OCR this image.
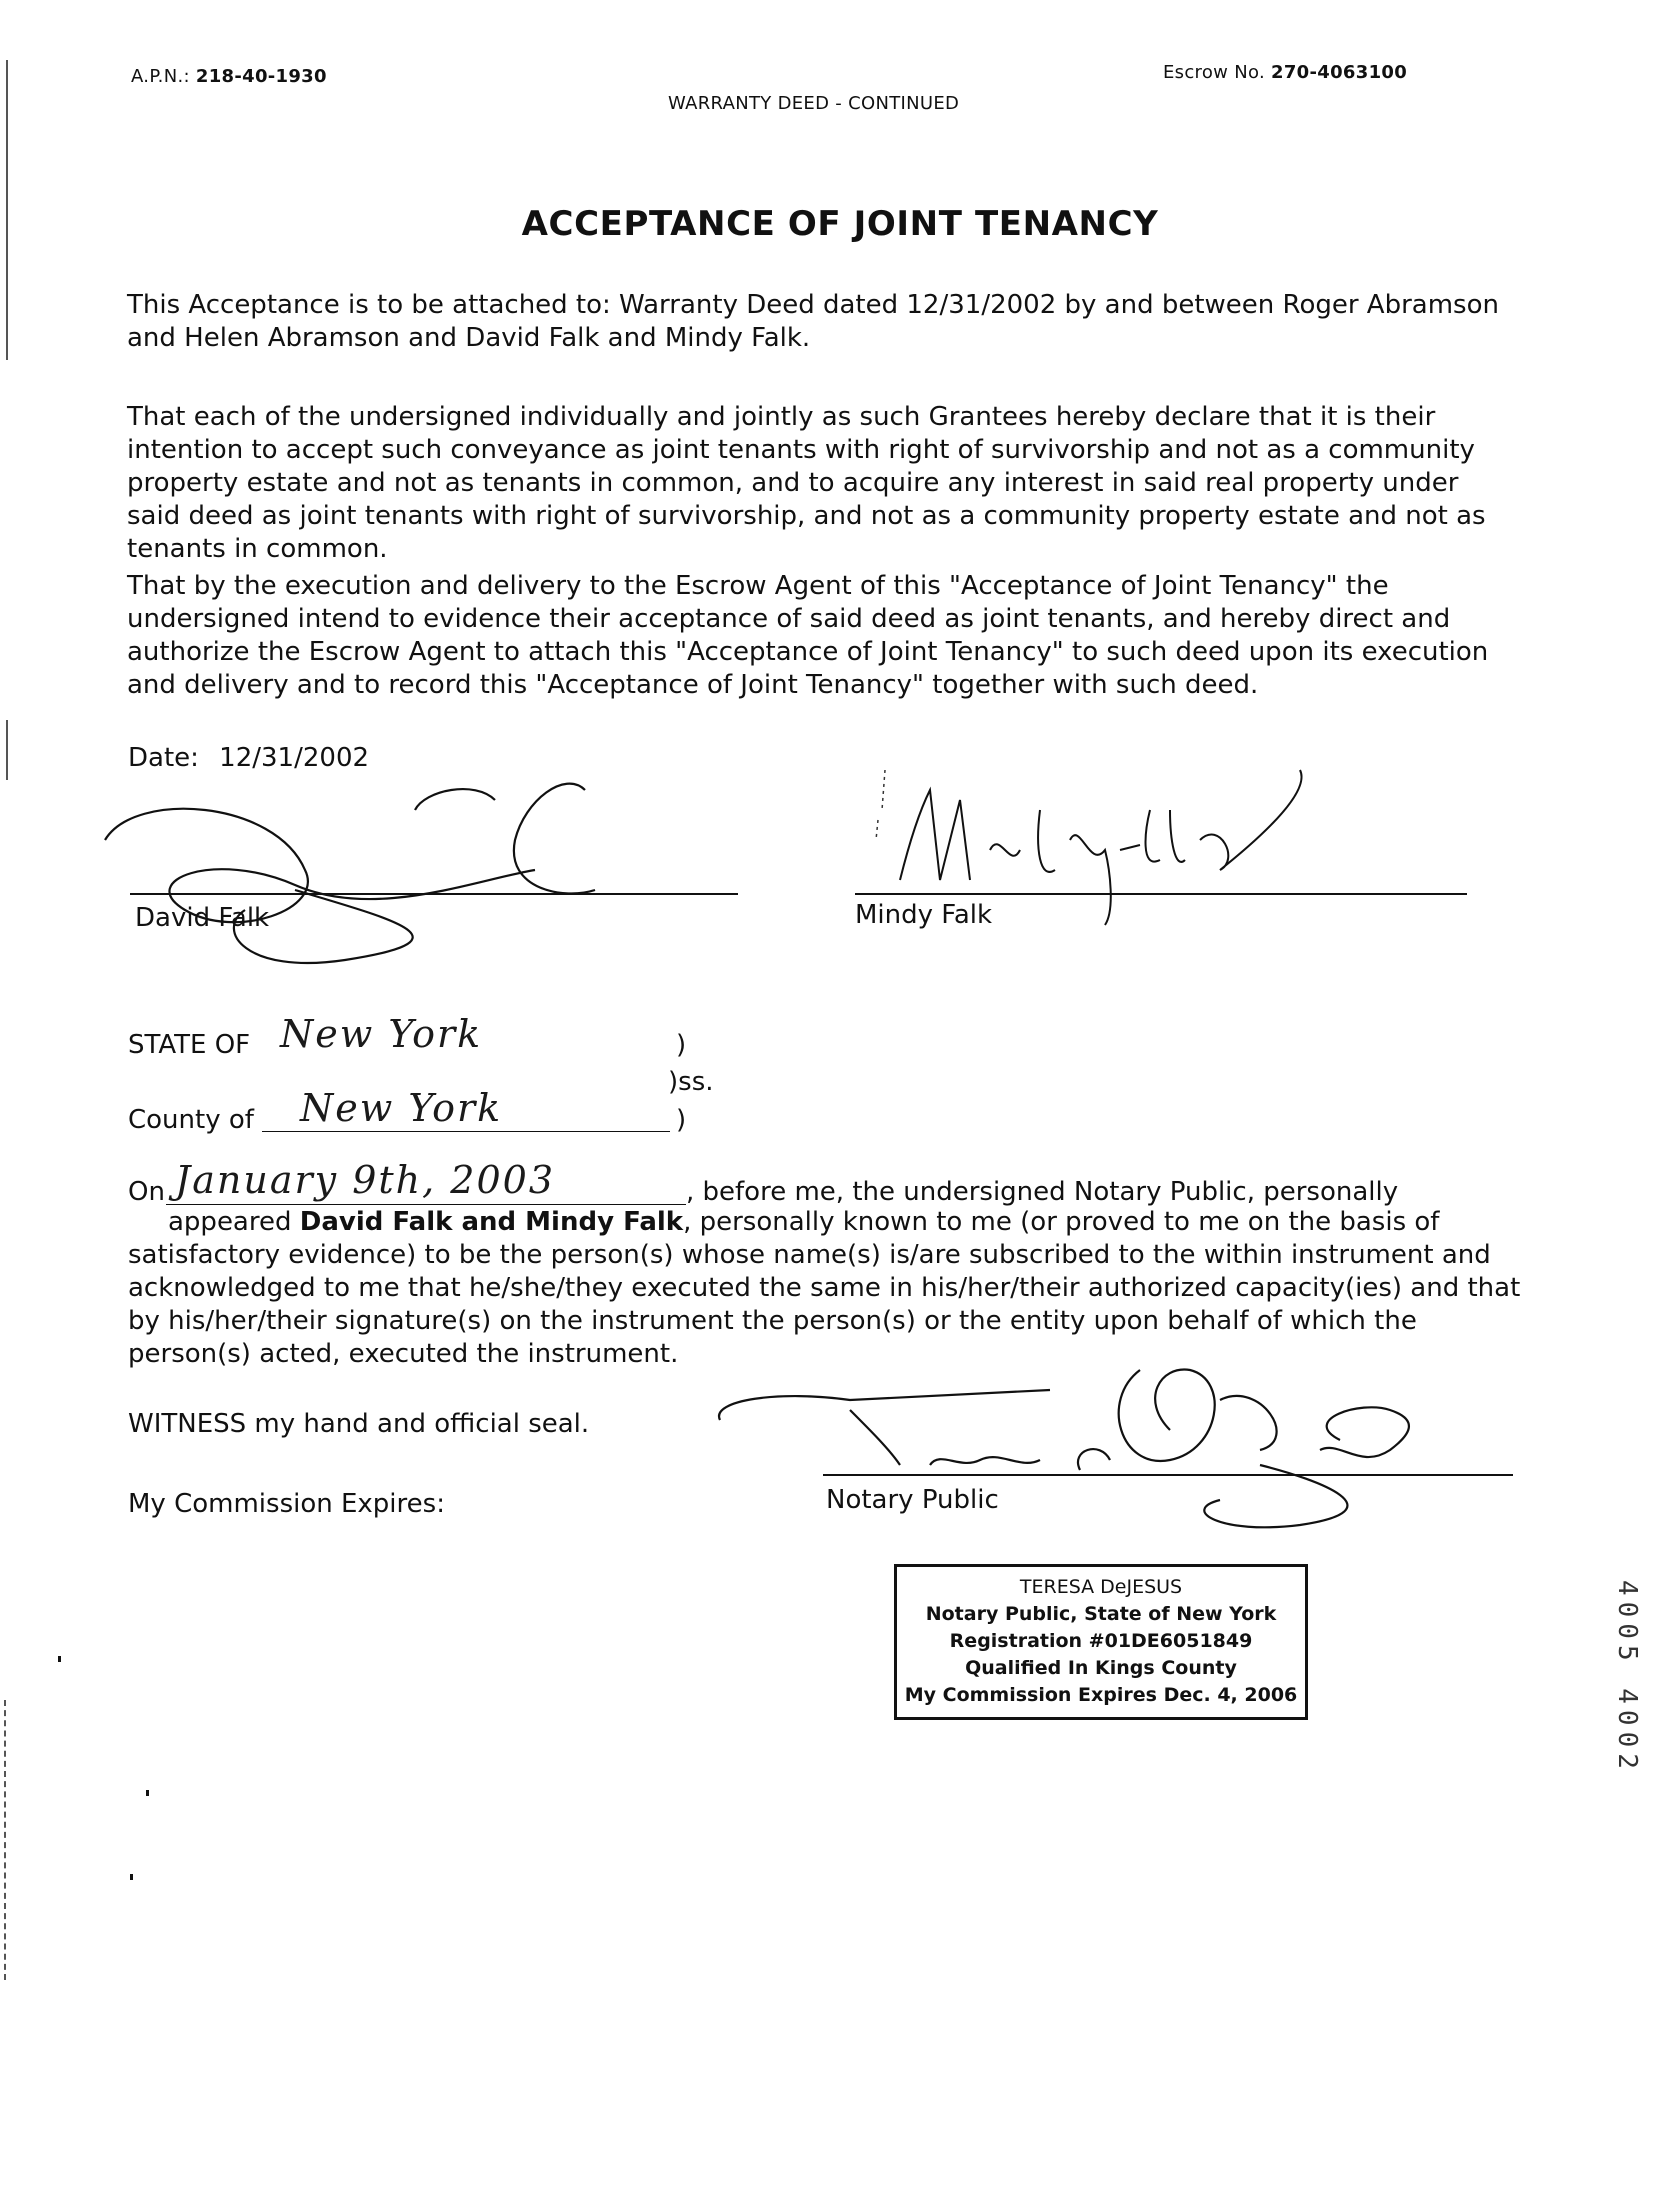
A.P.N.: 218-40-1930
WARRANTY DEED - CONTINUED
Escrow No. 270-4063100
ACCEPTANCE OF JOINT TENANCY
This Acceptance is to be attached to: Warranty Deed dated 12/31/2002 by and between Roger Abramson and Helen Abramson and David Falk and Mindy Falk.
That each of the undersigned individually and jointly as such Grantees hereby declare that it is their intention to accept such conveyance as joint tenants with right of survivorship and not as a community property estate and not as tenants in common, and to acquire any interest in said real property under said deed as joint tenants with right of survivorship, and not as a community property estate and not as tenants in common.
That by the execution and delivery to the Escrow Agent of this "Acceptance of Joint Tenancy" the undersigned intend to evidence their acceptance of said deed as joint tenants, and hereby direct and authorize the Escrow Agent to attach this "Acceptance of Joint Tenancy" to such deed upon its execution and delivery and to record this "Acceptance of Joint Tenancy" together with such deed.
Date: 12/31/2002
David Falk	Mindy Falk
STATE OF New York	)
)ss.
County of New York	)
On January 9th, 2003	, before me, the undersigned Notary Public, personally
appeared David Falk and Mindy Falk, personally known to me (or proved to me on the basis of satisfactory evidence) to be the person(s) whose name(s) is/are subscribed to the within instrument and acknowledged to me that he/she/they executed the same in his/her/their authorized capacity(ies) and that by his/her/their signature(s) on the instrument the person(s) or the entity upon behalf of which the person(s) acted, executed the instrument.
WITNESS my hand and official seal.
My Commission Expires:	Notary Public
TERESA DeJESUS
Notary Public, State of New York
Registration #01DE6051849
Qualified In Kings County
My Commission Expires Dec. 4, 2006	4005 4002
